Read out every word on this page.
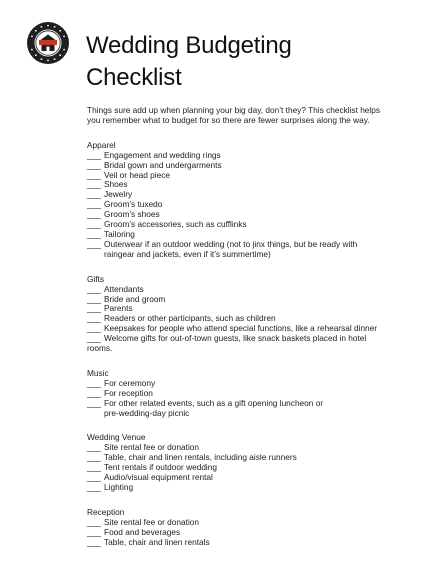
Wedding Budgeting
Checklist

Things sure add up when planning your big day, don’t they? This checklist helps
you remember what to budget for so there are fewer surprises along the way.

Apparel

___ Engagement and wedding rings
___ Bridal gown and undergarments
___ Veil or head piece
___ Shoes
___ Jewelry
___ Groom’s tuxedo
___ Groom’s shoes
___ Groom’s accessories, such as cufflinks
___ Tailoring
___ Outerwear if an outdoor wedding (not to jinx things, but be ready with
raingear and jackets, even if it’s summertime)

Gifts

___ Attendants
___ Bride and groom
___ Parents
___ Readers or other participants, such as children
___ Keepsakes for people who attend special functions, like a rehearsal dinner
___ Welcome gifts for out-of-town guests, like snack baskets placed in hotel
rooms.

Music

___ For ceremony
___ For reception
___ For other related events, such as a gift opening luncheon or
pre-wedding-day picnic

Wedding Venue

___ Site rental fee or donation
___ Table, chair and linen rentals, including aisle runners
___ Tent rentals if outdoor wedding
___ Audio/visual equipment rental
___ Lighting

Reception

___ Site rental fee or donation
___ Food and beverages
___ Table, chair and linen rentals
